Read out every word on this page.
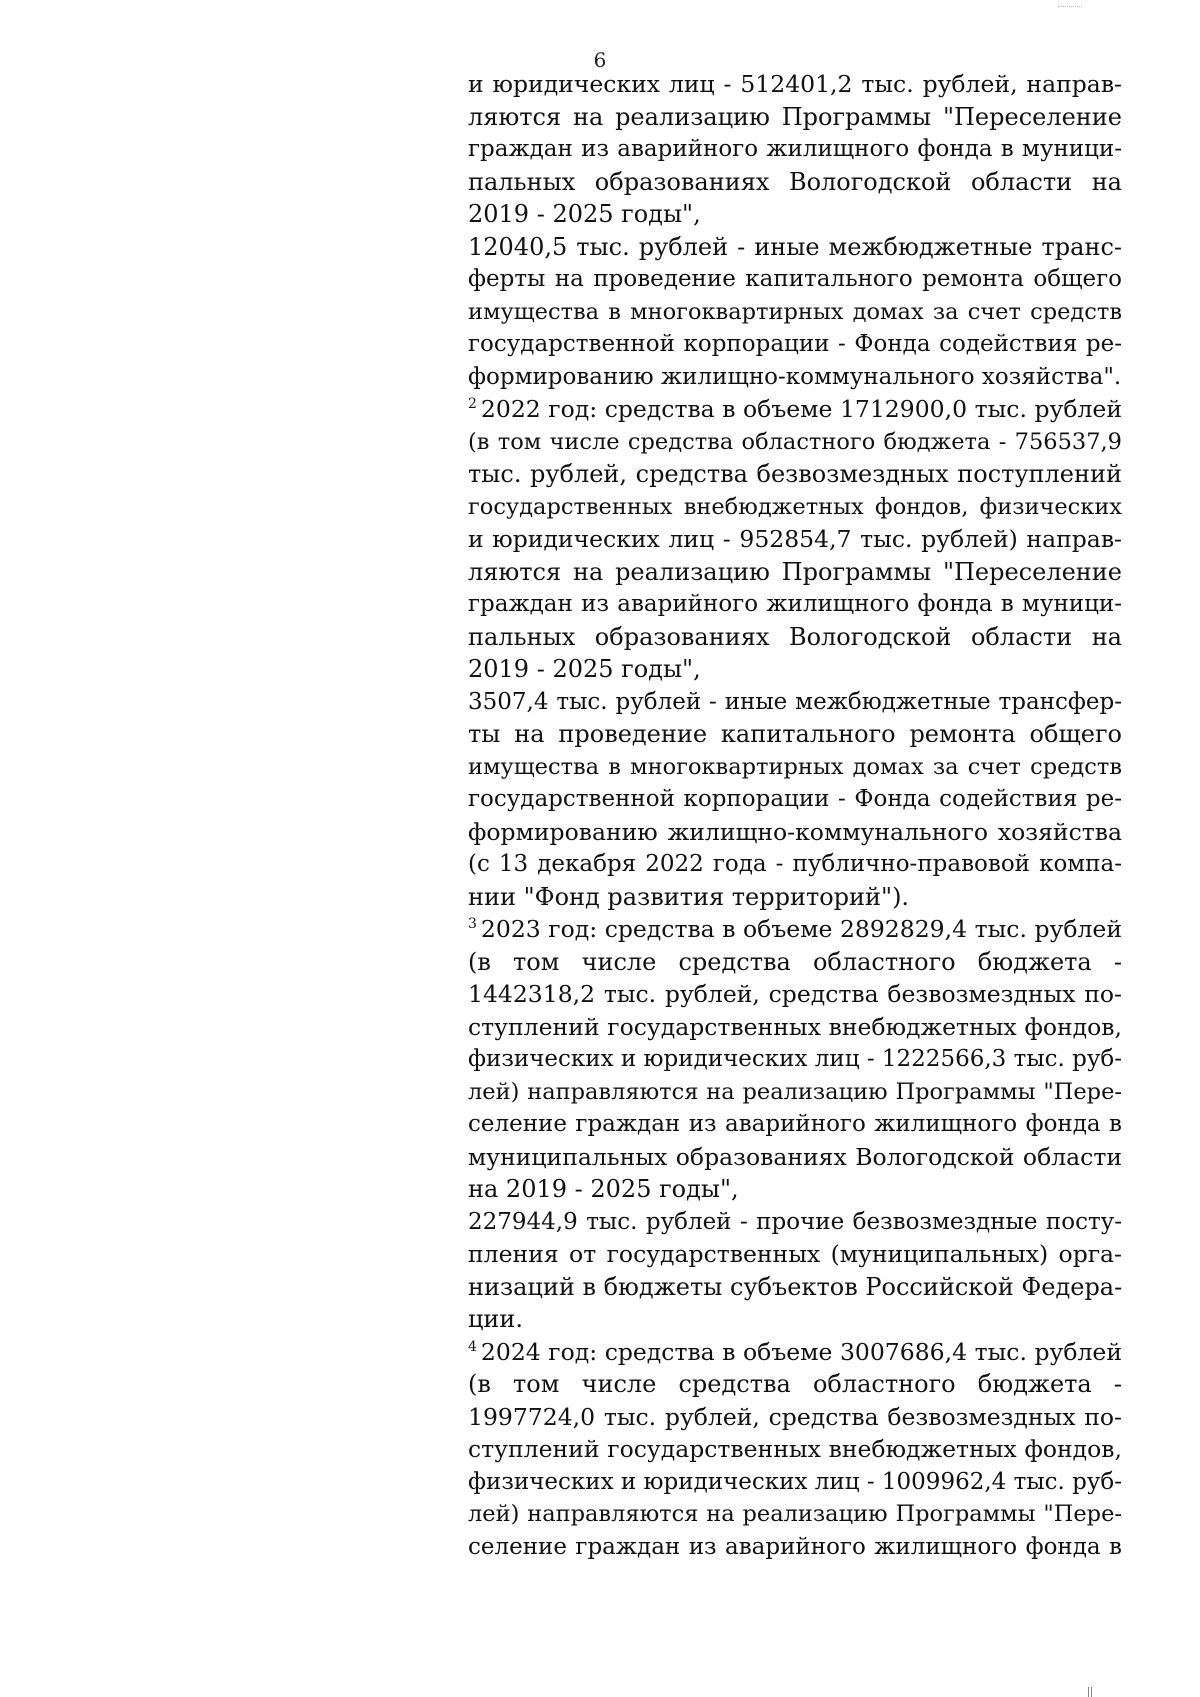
6
и юридических лиц - 512401,2 тыс. рублей, направ-
ляются на реализацию Программы "Переселение
граждан из аварийного жилищного фонда в муници-
пальных образованиях Вологодской области на
2019 - 2025 годы",
12040,5 тыс. рублей - иные межбюджетные транс-
ферты на проведение капитального ремонта общего
имущества в многоквартирных домах за счет средств
государственной корпорации - Фонда содействия ре-
формированию жилищно-коммунального хозяйства".
$^2$ 2022 год: средства в объеме 1712900,0 тыс. рублей
(в том числе средства областного бюджета - 756537,9
тыс. рублей, средства безвозмездных поступлений
государственных внебюджетных фондов, физических
и юридических лиц - 952854,7 тыс. рублей) направ-
ляются на реализацию Программы "Переселение
граждан из аварийного жилищного фонда в муници-
пальных образованиях Вологодской области на
2019 - 2025 годы",
3507,4 тыс. рублей - иные межбюджетные трансфер-
ты на проведение капитального ремонта общего
имущества в многоквартирных домах за счет средств
государственной корпорации - Фонда содействия ре-
формированию жилищно-коммунального хозяйства
(с 13 декабря 2022 года - публично-правовой компа-
нии "Фонд развития территорий").
$^3$ 2023 год: средства в объеме 2892829,4 тыс. рублей
(в том числе средства областного бюджета -
1442318,2 тыс. рублей, средства безвозмездных по-
ступлений государственных внебюджетных фондов,
физических и юридических лиц - 1222566,3 тыс. руб-
лей) направляются на реализацию Программы "Пере-
селение граждан из аварийного жилищного фонда в
муниципальных образованиях Вологодской области
на 2019 - 2025 годы",
227944,9 тыс. рублей - прочие безвозмездные посту-
пления от государственных (муниципальных) орга-
низаций в бюджеты субъектов Российской Федера-
ции.
$^4$ 2024 год: средства в объеме 3007686,4 тыс. рублей
(в том числе средства областного бюджета -
1997724,0 тыс. рублей, средства безвозмездных по-
ступлений государственных внебюджетных фондов,
физических и юридических лиц - 1009962,4 тыс. руб-
лей) направляются на реализацию Программы "Пере-
селение граждан из аварийного жилищного фонда в
